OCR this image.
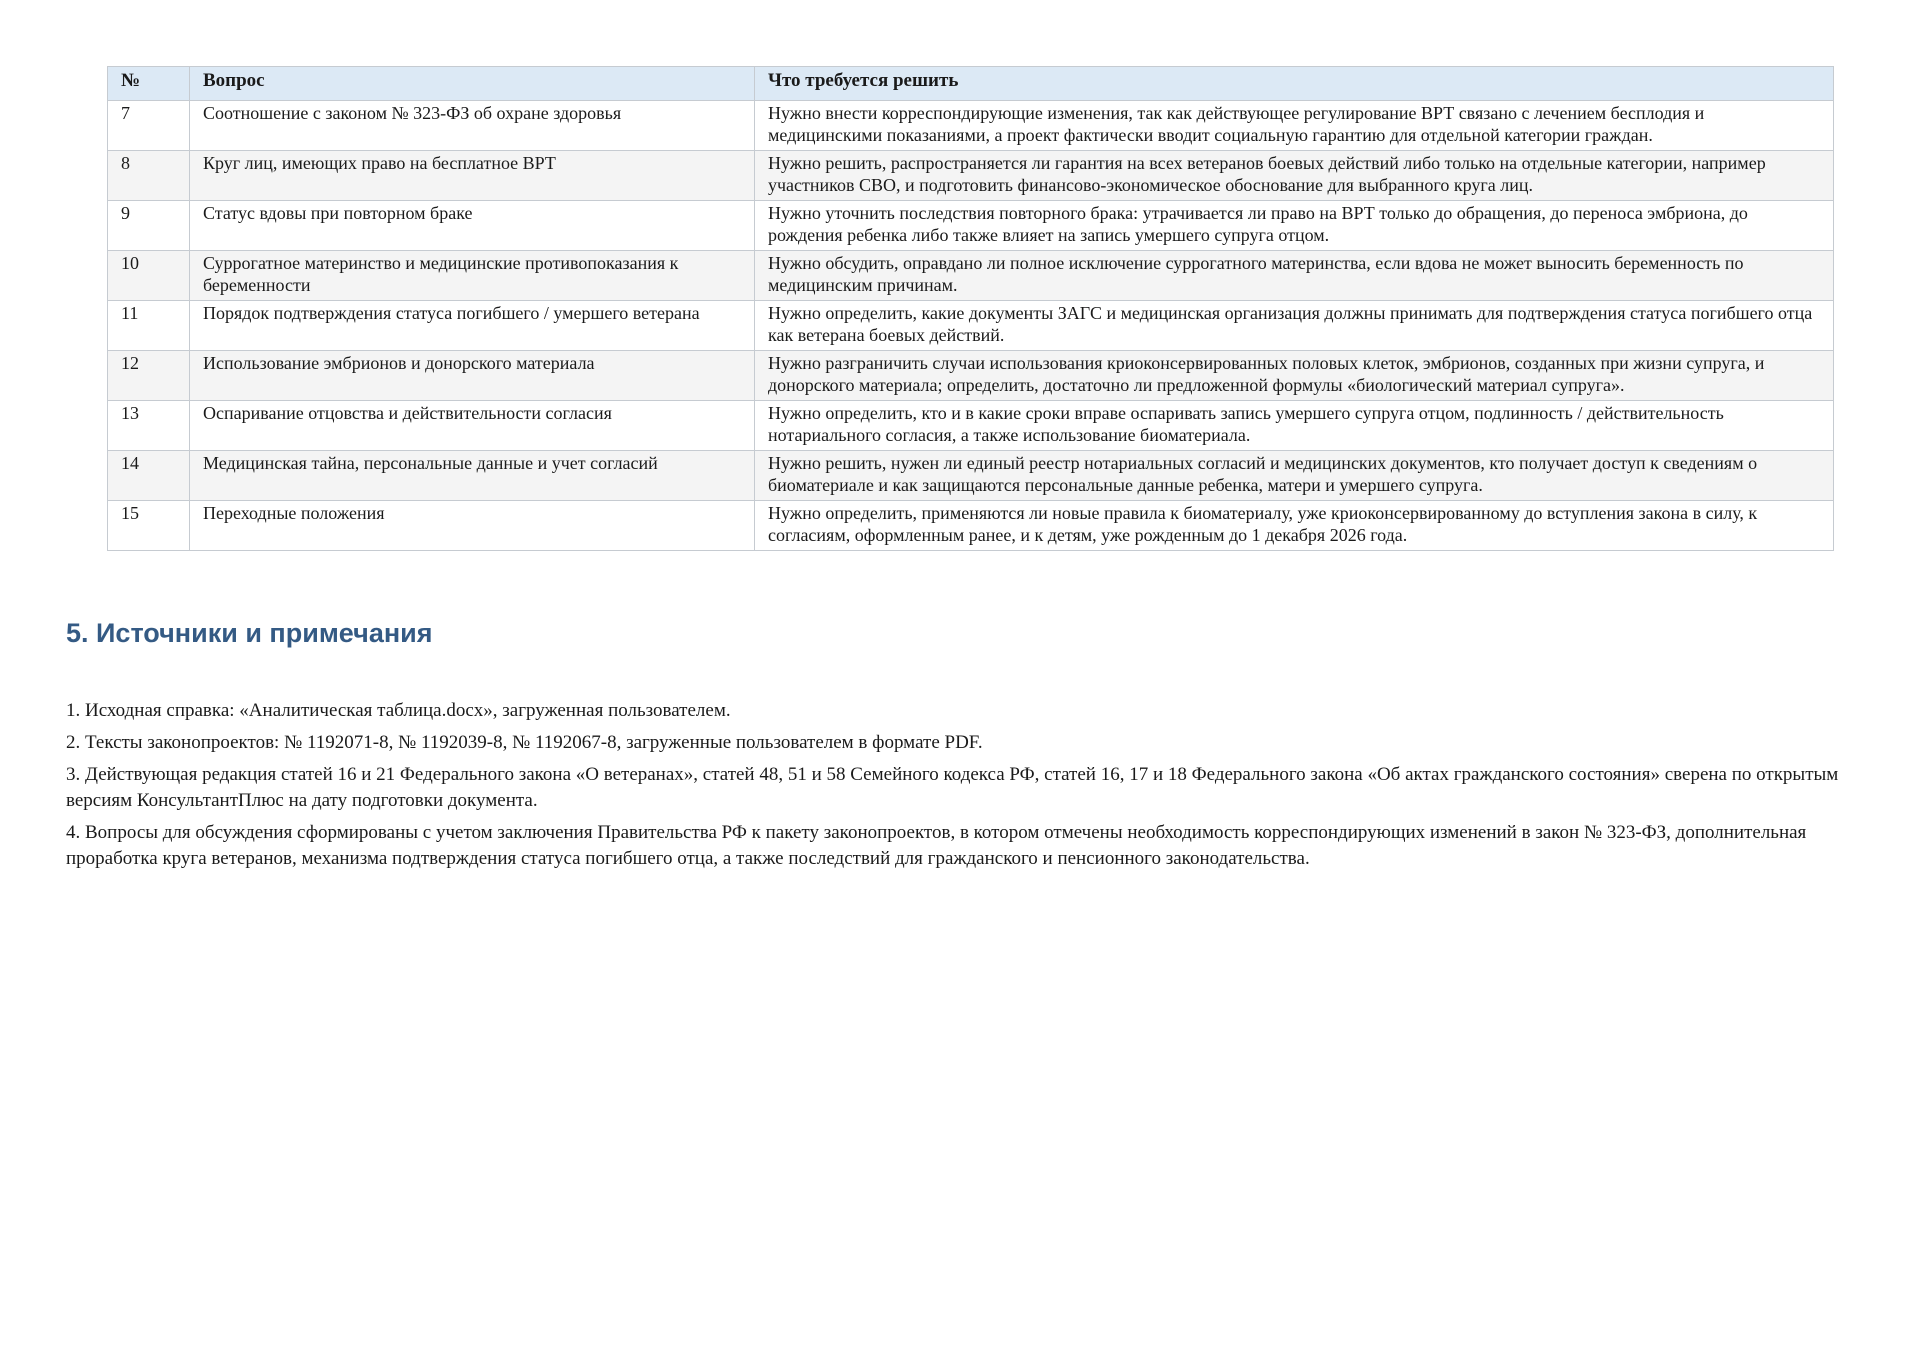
№	Вопрос	Что требуется решить
7	Соотношение с законом № 323-ФЗ об охране здоровья	Нужно внести корреспондирующие изменения, так как действующее регулирование ВРТ связано с лечением бесплодия и медицинскими показаниями, а проект фактически вводит социальную гарантию для отдельной категории граждан.
8	Круг лиц, имеющих право на бесплатное ВРТ	Нужно решить, распространяется ли гарантия на всех ветеранов боевых действий либо только на отдельные категории, например участников СВО, и подготовить финансово-экономическое обоснование для выбранного круга лиц.
9	Статус вдовы при повторном браке	Нужно уточнить последствия повторного брака: утрачивается ли право на ВРТ только до обращения, до переноса эмбриона, до рождения ребенка либо также влияет на запись умершего супруга отцом.
10	Суррогатное материнство и медицинские противопоказания к беременности	Нужно обсудить, оправдано ли полное исключение суррогатного материнства, если вдова не может выносить беременность по медицинским причинам.
11	Порядок подтверждения статуса погибшего / умершего ветерана	Нужно определить, какие документы ЗАГС и медицинская организация должны принимать для подтверждения статуса погибшего отца как ветерана боевых действий.
12	Использование эмбрионов и донорского материала	Нужно разграничить случаи использования криоконсервированных половых клеток, эмбрионов, созданных при жизни супруга, и донорского материала; определить, достаточно ли предложенной формулы «биологический материал супруга».
13	Оспаривание отцовства и действительности согласия	Нужно определить, кто и в какие сроки вправе оспаривать запись умершего супруга отцом, подлинность / действительность нотариального согласия, а также использование биоматериала.
14	Медицинская тайна, персональные данные и учет согласий	Нужно решить, нужен ли единый реестр нотариальных согласий и медицинских документов, кто получает доступ к сведениям о биоматериале и как защищаются персональные данные ребенка, матери и умершего супруга.
15	Переходные положения	Нужно определить, применяются ли новые правила к биоматериалу, уже криоконсервированному до вступления закона в силу, к согласиям, оформленным ранее, и к детям, уже рожденным до 1 декабря 2026 года.
5. Источники и примечания
1. Исходная справка: «Аналитическая таблица.docx», загруженная пользователем.
2. Тексты законопроектов: № 1192071-8, № 1192039-8, № 1192067-8, загруженные пользователем в формате PDF.
3. Действующая редакция статей 16 и 21 Федерального закона «О ветеранах», статей 48, 51 и 58 Семейного кодекса РФ, статей 16, 17 и 18 Федерального закона «Об актах гражданского состояния» сверена по открытым версиям КонсультантПлюс на дату подготовки документа.
4. Вопросы для обсуждения сформированы с учетом заключения Правительства РФ к пакету законопроектов, в котором отмечены необходимость корреспондирующих изменений в закон № 323-ФЗ, дополнительная проработка круга ветеранов, механизма подтверждения статуса погибшего отца, а также последствий для гражданского и пенсионного законодательства.
